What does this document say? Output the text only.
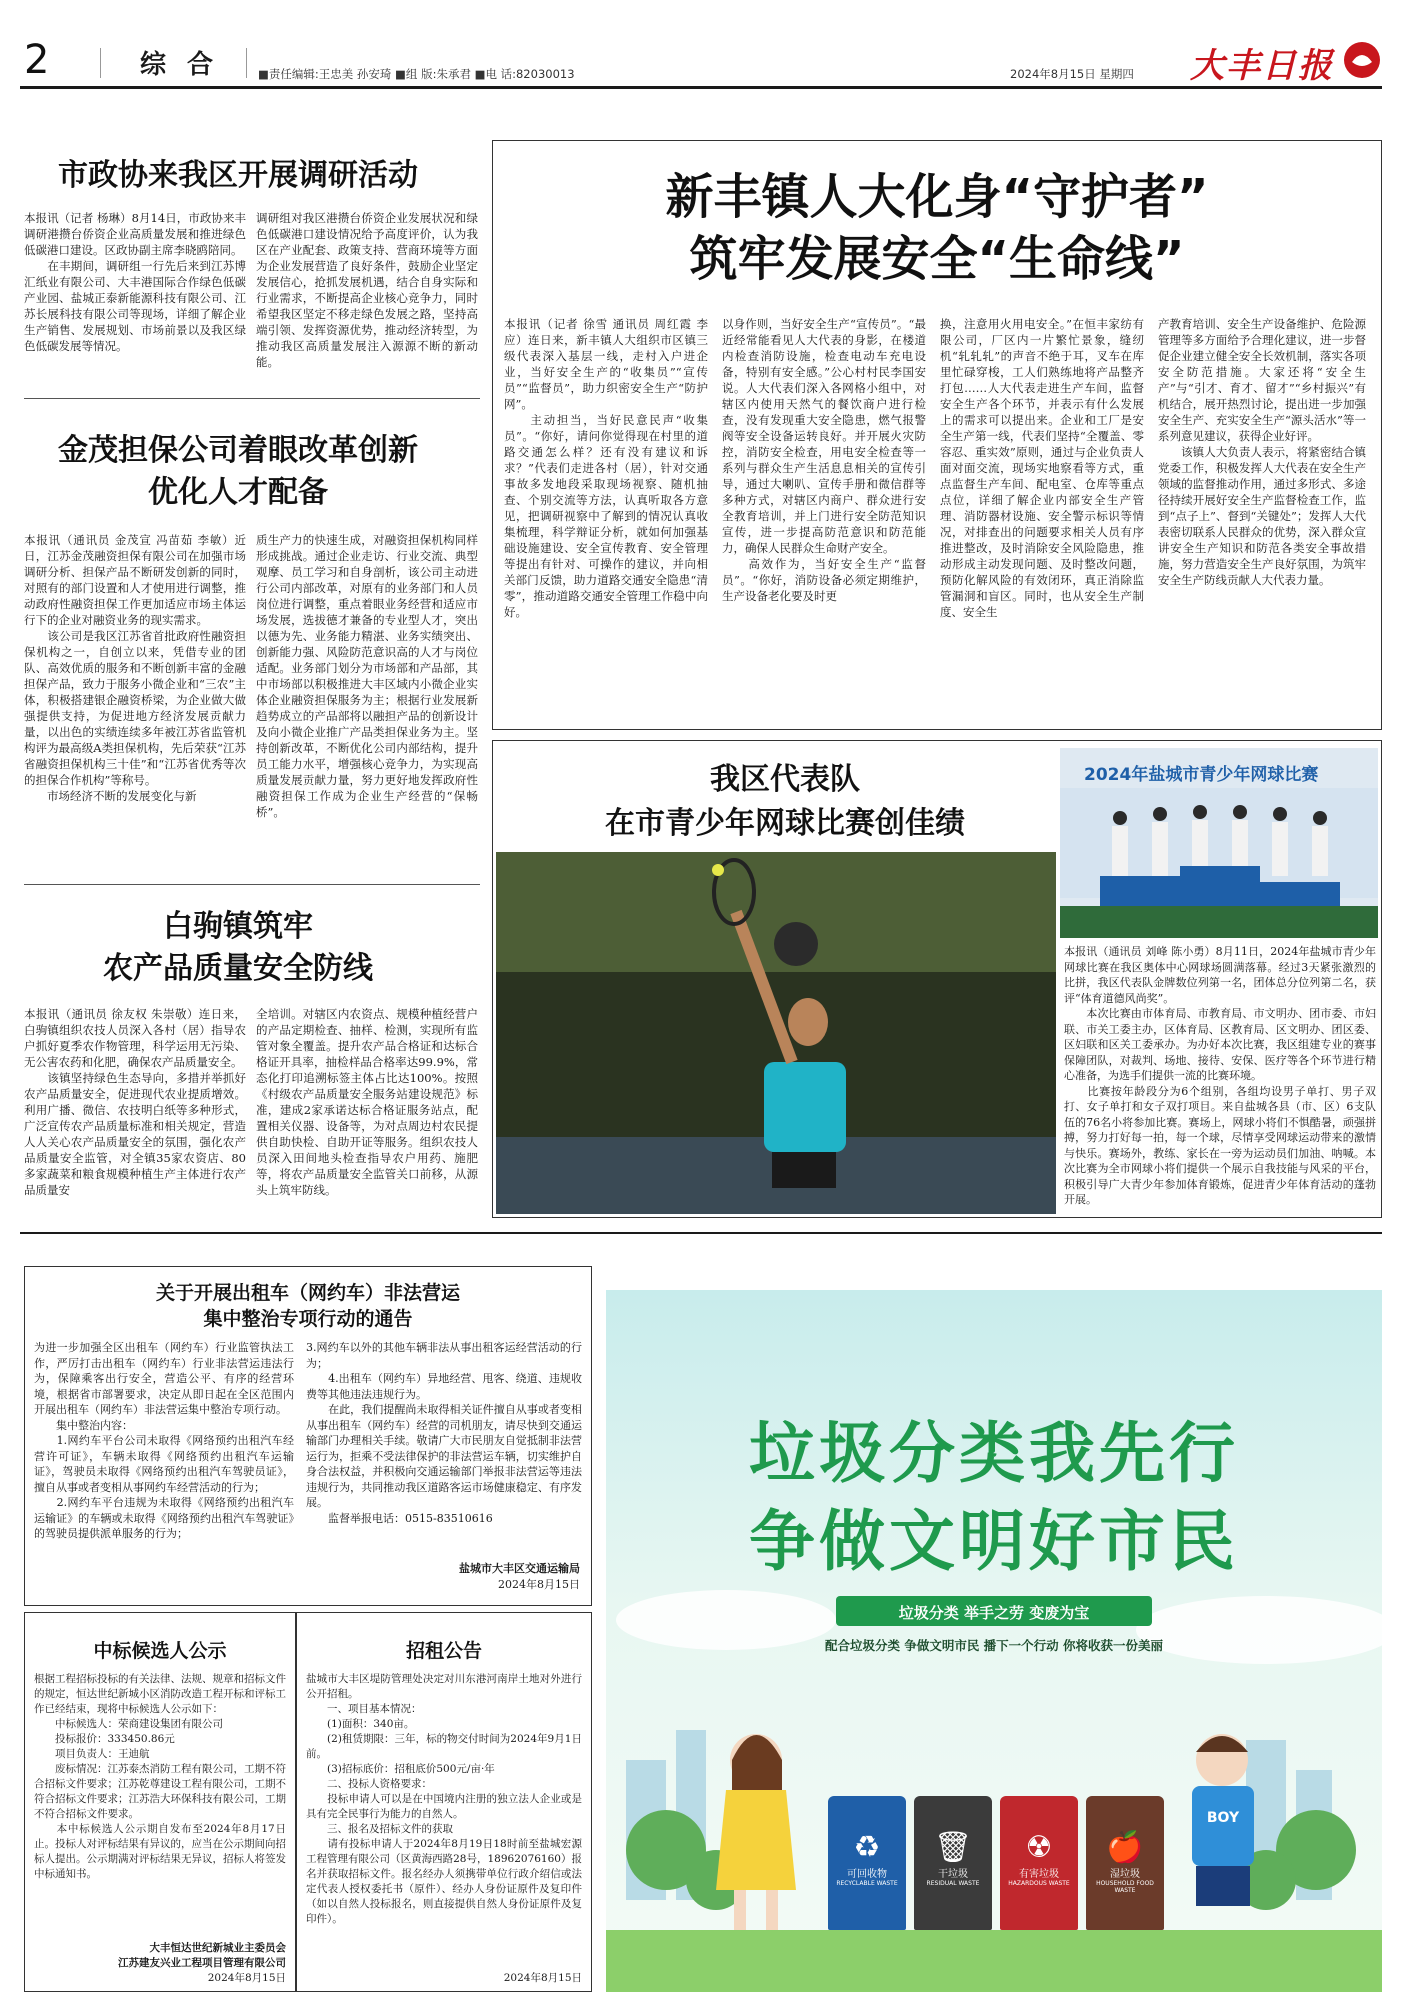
2	综 合	■责任编辑:王忠美 孙安琦 ■组 版:朱承君 ■电 话:82030013	2024年8月15日 星期四 大丰日报
市政协来我区开展调研活动

本报讯（记者 杨琳）8月14日，市政协来丰调研港攒台侨资企业高质量发展和推进绿色低碳港口建设。区政协副主席李晓鸥陪同。
　　在丰期间，调研组一行先后来到江苏博汇纸业有限公司、大丰港国际合作绿色低碳产业园、盐城正泰新能源科技有限公司、江苏长展科技有限公司等现场，详细了解企业生产销售、发展规划、市场前景以及我区绿色低碳发展等情况。

调研组对我区港攒台侨资企业发展状况和绿色低碳港口建设情况给予高度评价，认为我区在产业配套、政策支持、营商环境等方面为企业发展营造了良好条件，鼓励企业坚定发展信心，抢抓发展机遇，结合自身实际和行业需求，不断提高企业核心竞争力，同时希望我区坚定不移走绿色发展之路，坚持高端引领、发挥资源优势，推动经济转型，为推动我区高质量发展注入源源不断的新动能。

金茂担保公司着眼改革创新
优化人才配备

本报讯（通讯员 金茂宣 冯苗茹 李敏）近日，江苏金茂融资担保有限公司在加强市场调研分析、担保产品不断研发创新的同时，对照有的部门设置和人才使用进行调整，推动政府性融资担保工作更加适应市场主体运行下的企业对融资业务的现实需求。
　　该公司是我区江苏省首批政府性融资担保机构之一，自创立以来，凭借专业的团队、高效优质的服务和不断创新丰富的金融担保产品，致力于服务小微企业和“三农”主体，积极搭建银企融资桥梁，为企业做大做强提供支持，为促进地方经济发展贡献力量，以出色的实绩连续多年被江苏省监管机构评为最高级A类担保机构，先后荣获“江苏省融资担保机构三十佳”和“江苏省优秀等次的担保合作机构”等称号。
　　市场经济不断的发展变化与新

质生产力的快速生成，对融资担保机构同样形成挑战。通过企业走访、行业交流、典型观摩、员工学习和自身剖析，该公司主动进行公司内部改革，对原有的业务部门和人员岗位进行调整，重点着眼业务经营和适应市场发展，选拔德才兼备的专业型人才，突出以德为先、业务能力精湛、业务实绩突出、创新能力强、风险防范意识高的人才与岗位适配。业务部门划分为市场部和产品部，其中市场部以积极推进大丰区域内小微企业实体企业融资担保服务为主；根据行业发展新趋势成立的产品部将以融担产品的创新设计及向小微企业推广产品类担保业务为主。坚持创新改革，不断优化公司内部结构，提升员工能力水平，增强核心竞争力，为实现高质量发展贡献力量，努力更好地发挥政府性融资担保工作成为企业生产经营的“保畅桥”。

白驹镇筑牢
农产品质量安全防线

本报讯（通讯员 徐友权 朱崇敬）连日来，白驹镇组织农技人员深入各村（居）指导农户抓好夏季农作物管理，科学运用无污染、无公害农药和化肥，确保农产品质量安全。
　　该镇坚持绿色生态导向，多措并举抓好农产品质量安全，促进现代农业提质增效。利用广播、微信、农技明白纸等多种形式，广泛宣传农产品质量标准和相关规定，营造人人关心农产品质量安全的氛围，强化农产品质量安全监管，对全镇35家农资店、80多家蔬菜和粮食规模种植生产主体进行农产品质量安

全培训。对辖区内农资点、规模种植经营户的产品定期检查、抽样、检测，实现所有监管对象全覆盖。提升农产品合格证和达标合格证开具率，抽检样品合格率达99.9%，常态化打印追溯标签主体占比达100%。按照《村级农产品质量安全服务站建设规范》标准，建成2家承诺达标合格证服务站点，配置相关仪器、设备等，为对点周边村农民提供自助快检、自助开证等服务。组织农技人员深入田间地头检查指导农户用药、施肥等，将农产品质量安全监管关口前移，从源头上筑牢防线。

新丰镇人大化身“守护者”
筑牢发展安全“生命线”

本报讯（记者 徐雪 通讯员 周红霞 李应）连日来，新丰镇人大组织市区镇三级代表深入基层一线，走村入户进企业，当好安全生产的“收集员”“宣传员”“监督员”，助力织密安全生产“防护网”。
　　主动担当，当好民意民声“收集员”。“你好，请问你觉得现在村里的道路交通怎么样？还有没有建议和诉求？”代表们走进各村（居），针对交通事故多发地段采取现场视察、随机抽查、个别交流等方法，认真听取各方意见，把调研视察中了解到的情况认真收集梳理，科学辩证分析，就如何加强基础设施建设、安全宣传教育、安全管理等提出有针对、可操作的建议，并向相关部门反馈，助力道路交通安全隐患“清零”，推动道路交通安全管理工作稳中向好。

以身作则，当好安全生产“宣传员”。“最近经常能看见人大代表的身影，在楼道内检查消防设施，检查电动车充电设备，特别有安全感。”公心村村民李国安说。人大代表们深入各网格小组中，对辖区内使用天然气的餐饮商户进行检查，没有发现重大安全隐患，燃气报警阀等安全设备运转良好。并开展火灾防控，消防安全检查，用电安全检查等一系列与群众生产生活息息相关的宣传引导，通过大喇叭、宣传手册和微信群等多种方式，对辖区内商户、群众进行安全教育培训，并上门进行安全防范知识宣传，进一步提高防范意识和防范能力，确保人民群众生命财产安全。
　　高效作为，当好安全生产“监督员”。“你好，消防设备必须定期维护，生产设备老化要及时更

换，注意用火用电安全。”在恒丰家纺有限公司，厂区内一片繁忙景象，缝纫机“轧轧轧”的声音不绝于耳，叉车在库里忙碌穿梭，工人们熟练地将产品整齐打包……人大代表走进生产车间，监督安全生产各个环节，并表示有什么发展上的需求可以提出来。企业和工厂是安全生产第一线，代表们坚持“全覆盖、零容忍、重实效”原则，通过与企业负责人面对面交流，现场实地察看等方式，重点监督生产车间、配电室、仓库等重点点位，详细了解企业内部安全生产管理、消防器材设施、安全警示标识等情况，对排查出的问题要求相关人员有序推进整改，及时消除安全风险隐患，推动形成主动发现问题、及时整改问题，预防化解风险的有效闭环，真正消除监管漏洞和盲区。同时，也从安全生产制度、安全生

产教育培训、安全生产设备维护、危险源管理等多方面给予合理化建议，进一步督促企业建立健全安全长效机制，落实各项安全防范措施。大家还将“安全生产”与“引才、育才、留才”“乡村振兴”有机结合，展开热烈讨论，提出进一步加强安全生产、充实安全生产“源头活水”等一系列意见建议，获得企业好评。
　　该镇人大负责人表示，将紧密结合镇党委工作，积极发挥人大代表在安全生产领域的监督推动作用，通过多形式、多途径持续开展好安全生产监督检查工作，监到“点子上”、督到“关键处”；发挥人大代表密切联系人民群众的优势，深入群众宣讲安全生产知识和防范各类安全事故措施，努力营造安全生产良好氛围，为筑牢安全生产防线贡献人大代表力量。

我区代表队
在市青少年网球比赛创佳绩
2024年盐城市青少年网球比赛

本报讯（通讯员 刘峰 陈小勇）8月11日，2024年盐城市青少年网球比赛在我区奥体中心网球场圆满落幕。经过3天紧张激烈的比拼，我区代表队金牌数位列第一名，团体总分位列第二名，获评“体育道德风尚奖”。
　　本次比赛由市体育局、市教育局、市文明办、团市委、市妇联、市关工委主办，区体育局、区教育局、区文明办、团区委、区妇联和区关工委承办。为办好本次比赛，我区组建专业的赛事保障团队，对裁判、场地、接待、安保、医疗等各个环节进行精心准备，为选手们提供一流的比赛环境。
　　比赛按年龄段分为6个组别，各组均设男子单打、男子双打、女子单打和女子双打项目。来自盐城各县（市、区）6支队伍的76名小将参加比赛。赛场上，网球小将们不惧酷暑，顽强拼搏，努力打好每一拍，每一个球，尽情享受网球运动带来的激情与快乐。赛场外，教练、家长在一旁为运动员们加油、呐喊。本次比赛为全市网球小将们提供一个展示自我技能与风采的平台，积极引导广大青少年参加体育锻炼，促进青少年体育活动的蓬勃开展。

关于开展出租车（网约车）非法营运
集中整治专项行动的通告

为进一步加强全区出租车（网约车）行业监管执法工作，严厉打击出租车（网约车）行业非法营运违法行为，保障乘客出行安全，营造公平、有序的经营环境，根据省市部署要求，决定从即日起在全区范围内开展出租车（网约车）非法营运集中整治专项行动。
　　集中整治内容：
　　1.网约车平台公司未取得《网络预约出租汽车经营许可证》，车辆未取得《网络预约出租汽车运输证》，驾驶员未取得《网络预约出租汽车驾驶员证》，擅自从事或者变相从事网约车经营活动的行为；
　　2.网约车平台违规为未取得《网络预约出租汽车运输证》的车辆或未取得《网络预约出租汽车驾驶证》的驾驶员提供派单服务的行为；

3.网约车以外的其他车辆非法从事出租客运经营活动的行为；
　　4.出租车（网约车）异地经营、甩客、绕道、违规收费等其他违法违规行为。
　　在此，我们提醒尚未取得相关证件擅自从事或者变相从事出租车（网约车）经营的司机朋友，请尽快到交通运输部门办理相关手续。敬请广大市民朋友自觉抵制非法营运行为，拒乘不受法律保护的非法营运车辆，切实维护自身合法权益，并积极向交通运输部门举报非法营运等违法违规行为，共同推动我区道路客运市场健康稳定、有序发展。
　　监督举报电话：0515-83510616

盐城市大丰区交通运输局
2024年8月15日
中标候选人公示

根据工程招标投标的有关法律、法规、规章和招标文件的规定，恒达世纪新城小区消防改造工程开标和评标工作已经结束，现将中标候选人公示如下：
　　中标候选人：荣商建设集团有限公司
　　投标报价：333450.86元
　　项目负责人：王迪航
　　废标情况：江苏泰杰消防工程有限公司，工期不符合招标文件要求；江苏乾尊建设工程有限公司，工期不符合招标文件要求；江苏浩大环保科技有限公司，工期不符合招标文件要求。
　　本中标候选人公示期自发布至2024年8月17日止。投标人对评标结果有异议的，应当在公示期间向招标人提出。公示期满对评标结果无异议，招标人将签发中标通知书。

大丰恒达世纪新城业主委员会
江苏建友兴业工程项目管理有限公司
2024年8月15日
招租公告

盐城市大丰区堤防管理处决定对川东港河南岸土地对外进行公开招租。
　　一、项目基本情况：
　　(1)面积：340亩。
　　(2)租赁期限：三年，标的物交付时间为2024年9月1日前。
　　(3)招标底价：招租底价500元/亩·年
　　二、投标人资格要求：
　　投标申请人可以是在中国境内注册的独立法人企业或是具有完全民事行为能力的自然人。
　　三、报名及招标文件的获取
　　请有投标申请人于2024年8月19日18时前至盐城宏源工程管理有限公司（区黄海西路28号，18962076160）报名并获取招标文件。报名经办人须携带单位行政介绍信或法定代表人授权委托书（原件）、经办人身份证原件及复印件（如以自然人投标报名，则直接提供自然人身份证原件及复印件）。

2024年8月15日
BOY
垃圾分类我先行
争做文明好市民
垃圾分类 举手之劳 变废为宝
配合垃圾分类 争做文明市民 播下一个行动 你将收获一份美丽
♻
可回收物
RECYCLABLE WASTE
🗑
干垃圾
RESIDUAL WASTE
☢
有害垃圾
HAZARDOUS WASTE
🍎
湿垃圾
HOUSEHOLD FOOD WASTE
